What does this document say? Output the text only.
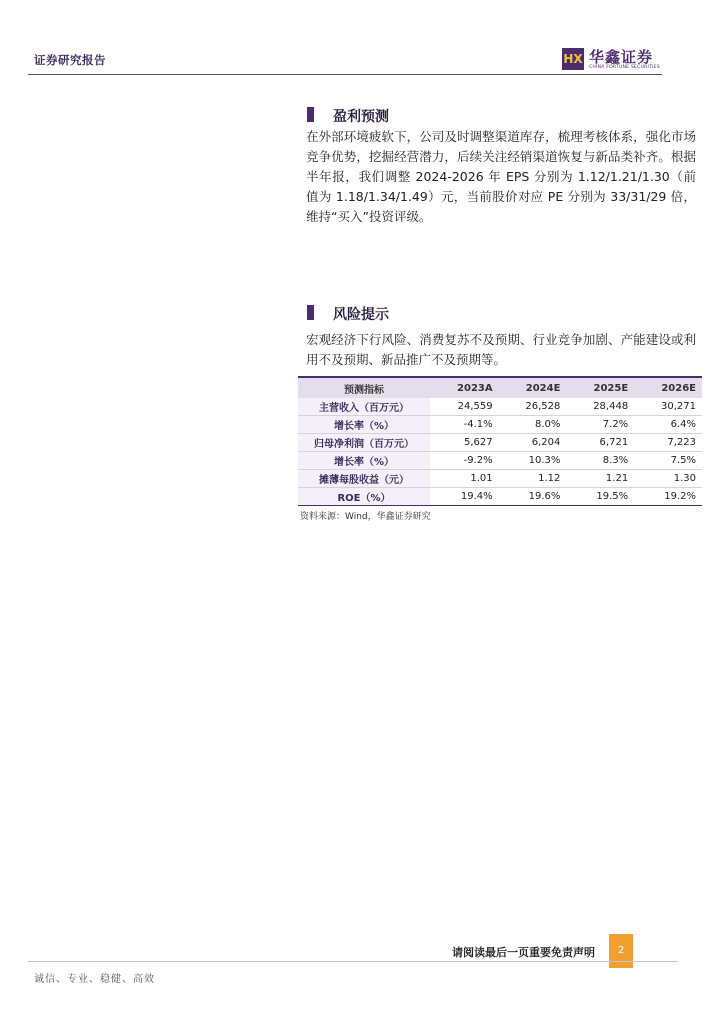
证券研究报告	HX 华鑫证券
CHINA FORTUNE SECURITIES
盈利预测
在外部环境疲软下，公司及时调整渠道库存，梳理考核体系，强化市场竞争优势，挖掘经营潜力，后续关注经销渠道恢复与新品类补齐。根据半年报，我们调整 2024-2026 年 EPS 分别为 1.12/1.21/1.30（前值为 1.18/1.34/1.49）元，当前股价对应 PE 分别为 33/31/29 倍，维持“买入”投资评级。
风险提示
宏观经济下行风险、消费复苏不及预期、行业竞争加剧、产能建设或利用不及预期、新品推广不及预期等。
预测指标	2023A	2024E	2025E	2026E
主营收入（百万元）	24,559	26,528	28,448	30,271
增长率（%）	-4.1%	8.0%	7.2%	6.4%
归母净利润（百万元）	5,627	6,204	6,721	7,223
增长率（%）	-9.2%	10.3%	8.3%	7.5%
摊薄每股收益（元）	1.01	1.12	1.21	1.30
ROE（%）	19.4%	19.6%	19.5%	19.2%
资料来源：Wind，华鑫证券研究
请阅读最后一页重要免责声明	2
诚信、专业、稳健、高效
